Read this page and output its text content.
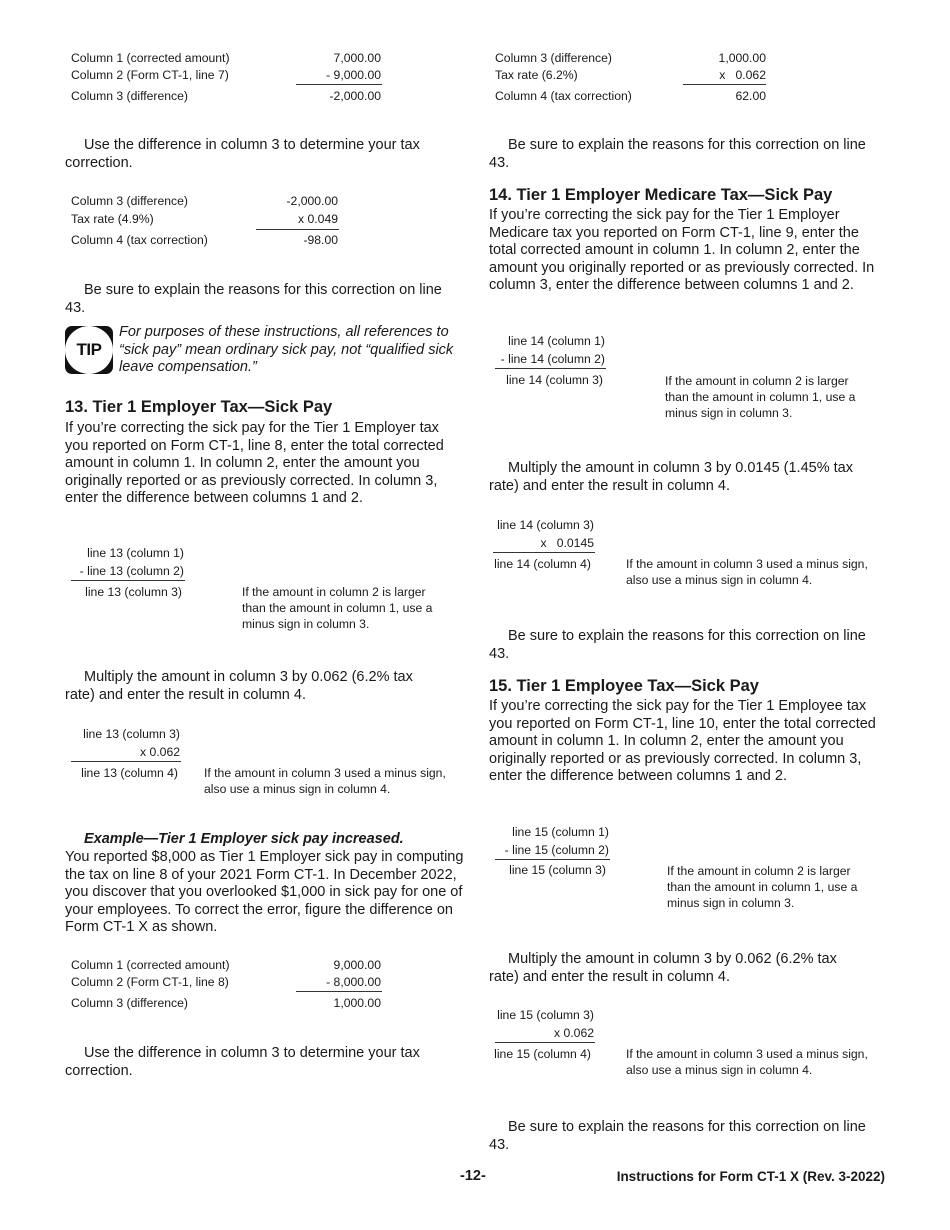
Column 1 (corrected amount)	7,000.00
Column 2 (Form CT-1, line 7)	- 9,000.00
Column 3 (difference)	-2,000.00
Use the difference in column 3 to determine your tax correction.
Column 3 (difference)	-2,000.00
Tax rate (4.9%)	x 0.049
Column 4 (tax correction)	-98.00
Be sure to explain the reasons for this correction on line 43.
TIP
For purposes of these instructions, all references to “sick pay” mean ordinary sick pay, not “qualified sick leave compensation.”
13. Tier 1 Employer Tax—Sick Pay
If you’re correcting the sick pay for the Tier 1 Employer tax you reported on Form CT-1, line 8, enter the total corrected amount in column 1. In column 2, enter the amount you originally reported or as previously corrected. In column 3, enter the difference between columns 1 and 2.
line 13 (column 1)
- line 13 (column 2)
line 13 (column 3)	If the amount in column 2 is larger than the amount in column 1, use a minus sign in column 3.
Multiply the amount in column 3 by 0.062 (6.2% tax rate) and enter the result in column 4.
line 13 (column 3)
x 0.062
line 13 (column 4) If the amount in column 3 used a minus sign, also use a minus sign in column 4.
Example—Tier 1 Employer sick pay increased.
You reported $8,000 as Tier 1 Employer sick pay in computing the tax on line 8 of your 2021 Form CT-1. In December 2022, you discover that you overlooked $1,000 in sick pay for one of your employees. To correct the error, figure the difference on Form CT-1 X as shown.
Column 1 (corrected amount)	9,000.00
Column 2 (Form CT-1, line 8)	- 8,000.00
Column 3 (difference)	1,000.00
Use the difference in column 3 to determine your tax correction.
Column 3 (difference)	1,000.00
Tax rate (6.2%)	x   0.062
Column 4 (tax correction)	62.00
Be sure to explain the reasons for this correction on line 43.
14. Tier 1 Employer Medicare Tax—Sick Pay
If you’re correcting the sick pay for the Tier 1 Employer Medicare tax you reported on Form CT-1, line 9, enter the total corrected amount in column 1. In column 2, enter the amount you originally reported or as previously corrected. In column 3, enter the difference between columns 1 and 2.
line 14 (column 1)
- line 14 (column 2)
line 14 (column 3)	If the amount in column 2 is larger than the amount in column 1, use a minus sign in column 3.
Multiply the amount in column 3 by 0.0145 (1.45% tax rate) and enter the result in column 4.
line 14 (column 3)
x   0.0145
line 14 (column 4)	If the amount in column 3 used a minus sign, also use a minus sign in column 4.
Be sure to explain the reasons for this correction on line 43.
15. Tier 1 Employee Tax—Sick Pay
If you’re correcting the sick pay for the Tier 1 Employee tax you reported on Form CT-1, line 10, enter the total corrected amount in column 1. In column 2, enter the amount you originally reported or as previously corrected. In column 3, enter the difference between columns 1 and 2.
line 15 (column 1)
- line 15 (column 2)
line 15 (column 3)	If the amount in column 2 is larger than the amount in column 1, use a minus sign in column 3.
Multiply the amount in column 3 by 0.062 (6.2% tax rate) and enter the result in column 4.
line 15 (column 3)
x 0.062
line 15 (column 4)	If the amount in column 3 used a minus sign, also use a minus sign in column 4.
Be sure to explain the reasons for this correction on line 43.
-12-	Instructions for Form CT-1 X (Rev. 3-2022)
